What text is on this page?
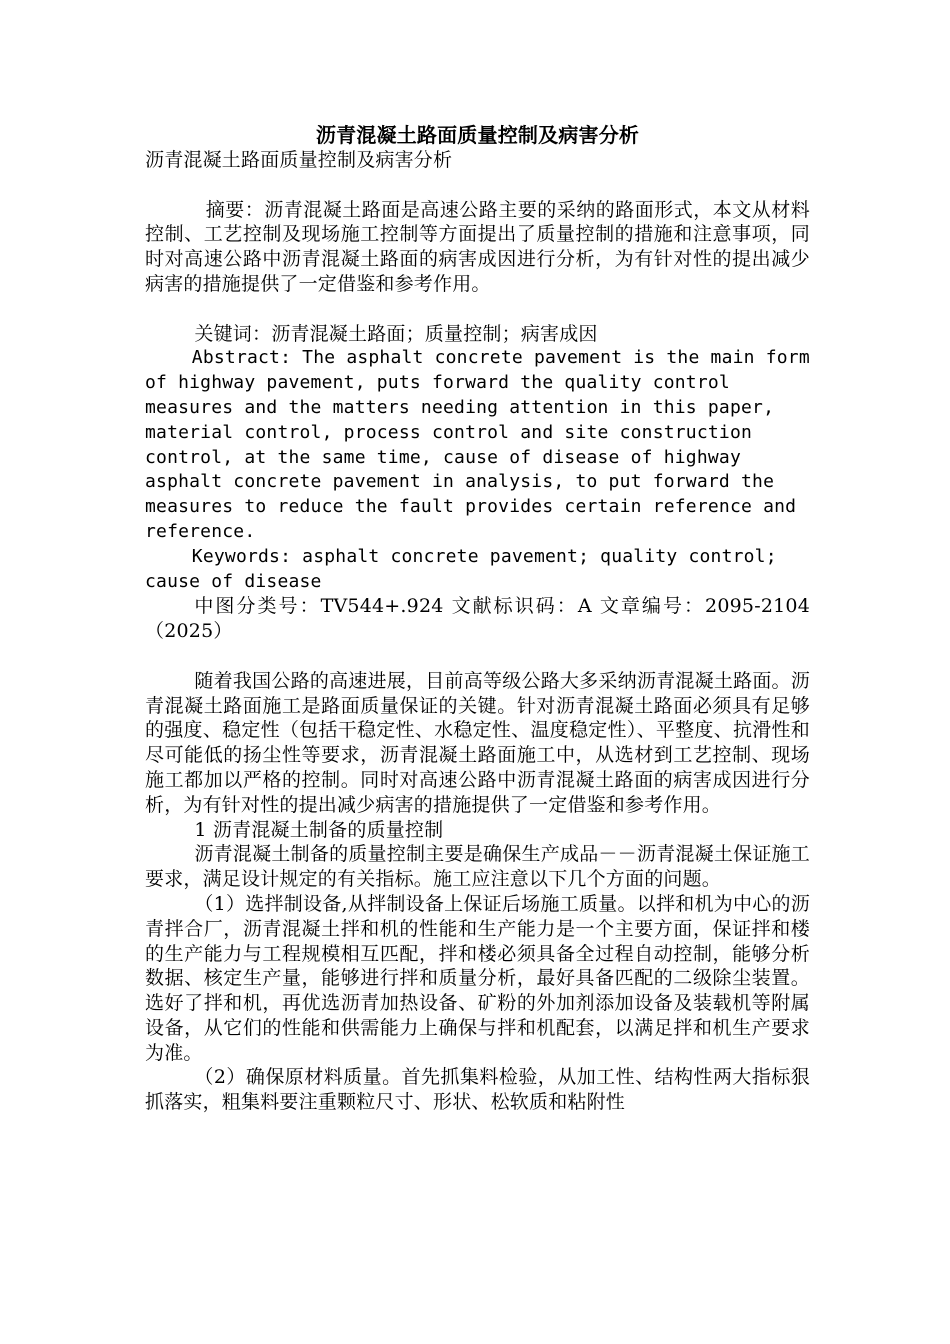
沥青混凝土路面质量控制及病害分析

沥青混凝土路面质量控制及病害分析

摘要：沥青混凝土路面是高速公路主要的采纳的路面形式，本文从材料控制、工艺控制及现场施工控制等方面提出了质量控制的措施和注意事项，同时对高速公路中沥青混凝土路面的病害成因进行分析，为有针对性的提出减少病害的措施提供了一定借鉴和参考作用。

关键词：沥青混凝土路面；质量控制；病害成因

Abstract: The asphalt concrete pavement is the main form of highway pavement, puts forward the quality control measures and the matters needing attention in this paper, material control, process control and site construction control, at the same time, cause of disease of highway asphalt concrete pavement in analysis, to put forward the measures to reduce the fault provides certain reference and reference.

Keywords: asphalt concrete pavement; quality control; cause of disease

中图分类号：TV544+.924 文献标识码：A 文章编号：2095-2104（2025）

随着我国公路的高速进展，目前高等级公路大多采纳沥青混凝土路面。沥青混凝土路面施工是路面质量保证的关键。针对沥青混凝土路面必须具有足够的强度、稳定性（包括干稳定性、水稳定性、温度稳定性）、平整度、抗滑性和尽可能低的扬尘性等要求，沥青混凝土路面施工中，从选材到工艺控制、现场施工都加以严格的控制。同时对高速公路中沥青混凝土路面的病害成因进行分析，为有针对性的提出减少病害的措施提供了一定借鉴和参考作用。

1 沥青混凝土制备的质量控制

沥青混凝土制备的质量控制主要是确保生产成品－－沥青混凝土保证施工要求，满足设计规定的有关指标。施工应注意以下几个方面的问题。

（1）选拌制设备,从拌制设备上保证后场施工质量。以拌和机为中心的沥青拌合厂，沥青混凝土拌和机的性能和生产能力是一个主要方面，保证拌和楼的生产能力与工程规模相互匹配，拌和楼必须具备全过程自动控制，能够分析数据、核定生产量，能够进行拌和质量分析，最好具备匹配的二级除尘装置。选好了拌和机，再优选沥青加热设备、矿粉的外加剂添加设备及装载机等附属设备，从它们的性能和供需能力上确保与拌和机配套，以满足拌和机生产要求为准。

（2）确保原材料质量。首先抓集料检验，从加工性、结构性两大指标狠抓落实，粗集料要注重颗粒尺寸、形状、松软质和粘附性
